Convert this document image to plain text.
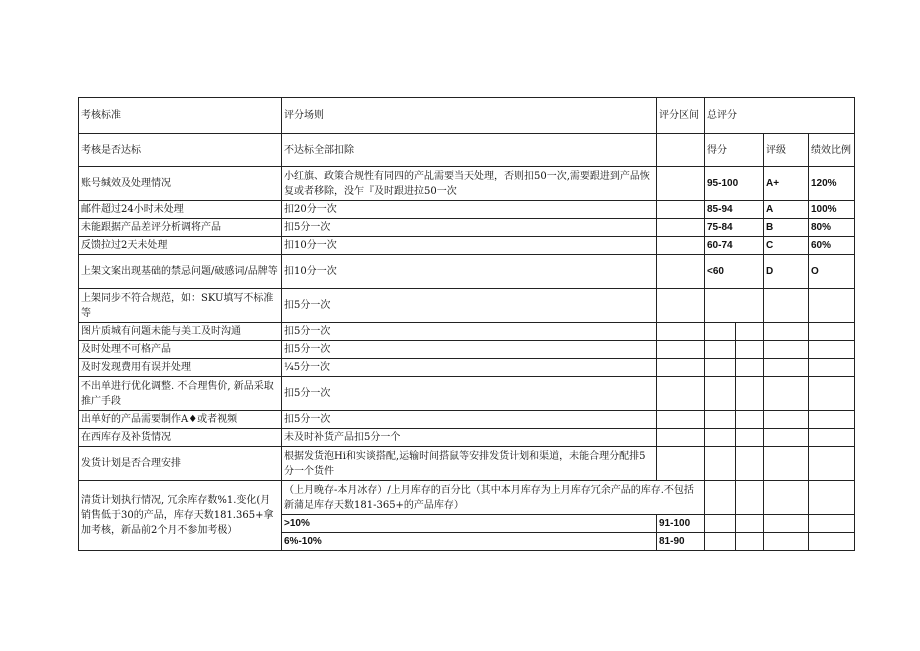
考核标准	评分场则	评分区间	总评分			
考核是否达标	不达标全部扣除		得分		评级	绩效比例
账号缄效及处理情况	小红旗、政策合规性有同四的产乩需要当天处理，否则扣50一次,需要跟进到产品恢复或者移除，没乍『及时跟进拉50一次		95-100		A+	120%
邮件超过24小时未处理	扣20分一次		85-94		A	100%
未能跟据产品差评分析调将产品	扣5分一次		75-84		B	80%
反馈拉过2天未处理	扣10分一次		60-74		C	60%
上架文案出现基础的禁忌问题/破感词/品牌等	扣10分一次		<60		D	O
上架同步不符合规范，如：SKU填写不标准等	扣5分一次					
图片质城有问题未能与美工及时沟通	扣5分一次					
及时处理不可格产品	扣5分一次					
及时发现费用有误并处理	¼5分一次					
不出单进行优化调整. 不合理售价, 新品采取推广手段	扣5分一次					
出单好的产品需要制作A♦或者视频	扣5分一次					
在西库存及补货情况	未及时补货产品扣5分一个					
发货计划是否合理安排	根据发货泡Hi和实谈搭配,运输时间搭鼠等安排发货计划和渠道，未能合理分配排5分一个货件					
清货计划执行情况, 冗余库存数%1.变化(月销售低于30的产品，库存天数181.365+拿加考核，新品前2个月不参加考极）	（上月晚存-本月冰存）/上月库存的百分比（其中本月库存为上月库存冗余产品的库存.不包括新蒲足库存天数181-365+的产品库存）					
	>10%	91-100				
	6%-10%	81-90				
